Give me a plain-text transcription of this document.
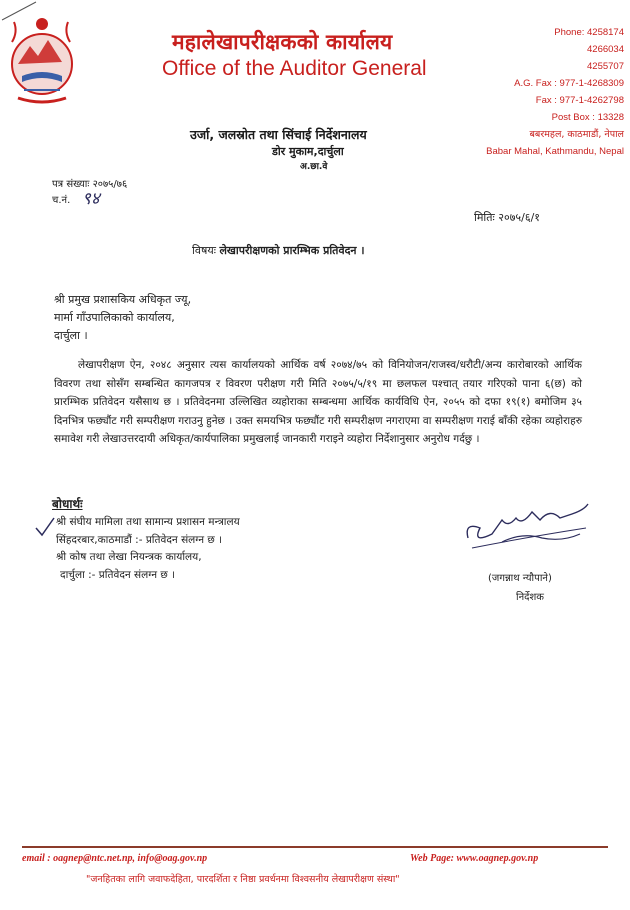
महालेखापरीक्षकको कार्यालय
Office of the Auditor General
Phone: 4258174
4266034
4255707
A.G. Fax : 977-1-4268309
Fax : 977-1-4262798
Post Box : 13328
बबरमहल, काठमाडौं, नेपाल
Babar Mahal, Kathmandu, Nepal
उर्जा, जलस्रोत तथा सिंचाई निर्देशनालय
डोर मुकाम,दार्चुला
अ.छा.वे
पत्र संख्याः २०७५/७६
च.नं. ९४
मितिः २०७५/६/१
विषयः लेखापरीक्षणको प्रारम्भिक प्रतिवेदन ।
श्री प्रमुख प्रशासकिय अधिकृत ज्यू,
मार्मा गाँउपालिकाको कार्यालय,
दार्चुला ।
लेखापरीक्षण ऐन, २०४८ अनुसार त्यस कार्यालयको आर्थिक वर्ष २०७४/७५ को विनियोजन/राजस्व/धरौटी/अन्य कारोबारको आर्थिक विवरण तथा सोसँग सम्बन्धित कागजपत्र र विवरण परीक्षण गरी मिति २०७५/५/१९ मा छलफल पश्चात् तयार गरिएको पाना ६(छ) को प्रारम्भिक प्रतिवेदन यसैसाथ छ । प्रतिवेदनमा उल्लिखित व्यहोराका सम्बन्धमा आर्थिक कार्यविधि ऐन, २०५५ को दफा १९(१) बमोजिम ३५ दिनभित्र फछ्यौंट गरी सम्परीक्षण गराउनु हुनेछ । उक्त समयभित्र फछ्यौंट गरी सम्परीक्षण नगराएमा वा सम्परीक्षण गराई बाँकी रहेका व्यहोराहरु समावेश गरी लेखाउत्तरदायी अधिकृत/कार्यपालिका प्रमुखलाई जानकारी गराइने व्यहोरा निर्देशानुसार अनुरोध गर्दछु ।
बोधार्थः
श्री संघीय मामिला तथा सामान्य प्रशासन मन्त्रालय
सिंहदरबार,काठमाडौं :- प्रतिवेदन संलग्न छ ।
श्री कोष तथा लेखा नियन्त्रक कार्यालय,
दार्चुला :- प्रतिवेदन संलग्न छ ।	(जगन्नाथ न्यौपाने)
निर्देशक
email : oagnep@ntc.net.np, info@oag.gov.np	Web Page: www.oagnep.gov.np
"जनहितका लागि जवाफदेहिता, पारदर्शिता र निष्ठा प्रवर्धनमा विश्वसनीय लेखापरीक्षण संस्था"
